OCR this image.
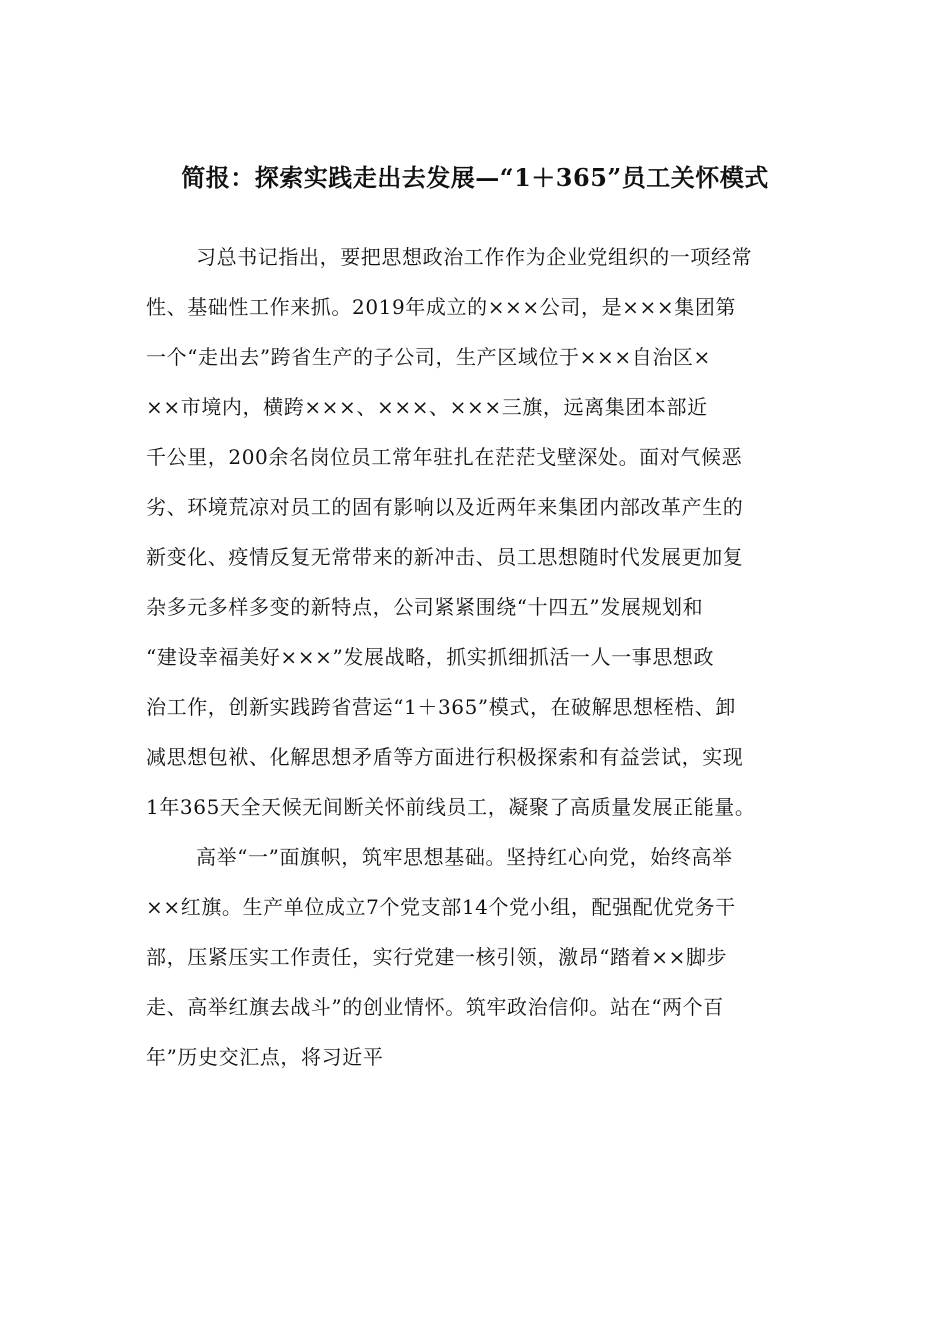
简报：探索实践走出去发展—“1＋365”员工关怀模式
习总书记指出，要把思想政治工作作为企业党组织的一项经常
性、基础性工作来抓。2019年成立的×××公司，是×××集团第
一个“走出去”跨省生产的子公司，生产区域位于×××自治区×
××市境内，横跨×××、×××、×××三旗，远离集团本部近
千公里，200余名岗位员工常年驻扎在茫茫戈壁深处。面对气候恶
劣、环境荒凉对员工的固有影响以及近两年来集团内部改革产生的
新变化、疫情反复无常带来的新冲击、员工思想随时代发展更加复
杂多元多样多变的新特点，公司紧紧围绕“十四五”发展规划和
“建设幸福美好×××”发展战略，抓实抓细抓活一人一事思想政
治工作，创新实践跨省营运“1＋365”模式，在破解思想桎梏、卸
减思想包袱、化解思想矛盾等方面进行积极探索和有益尝试，实现
1年365天全天候无间断关怀前线员工，凝聚了高质量发展正能量。
高举“一”面旗帜，筑牢思想基础。坚持红心向党，始终高举
××红旗。生产单位成立7个党支部14个党小组，配强配优党务干
部，压紧压实工作责任，实行党建一核引领，激昂“踏着××脚步
走、高举红旗去战斗”的创业情怀。筑牢政治信仰。站在“两个百
年”历史交汇点，将习近平
